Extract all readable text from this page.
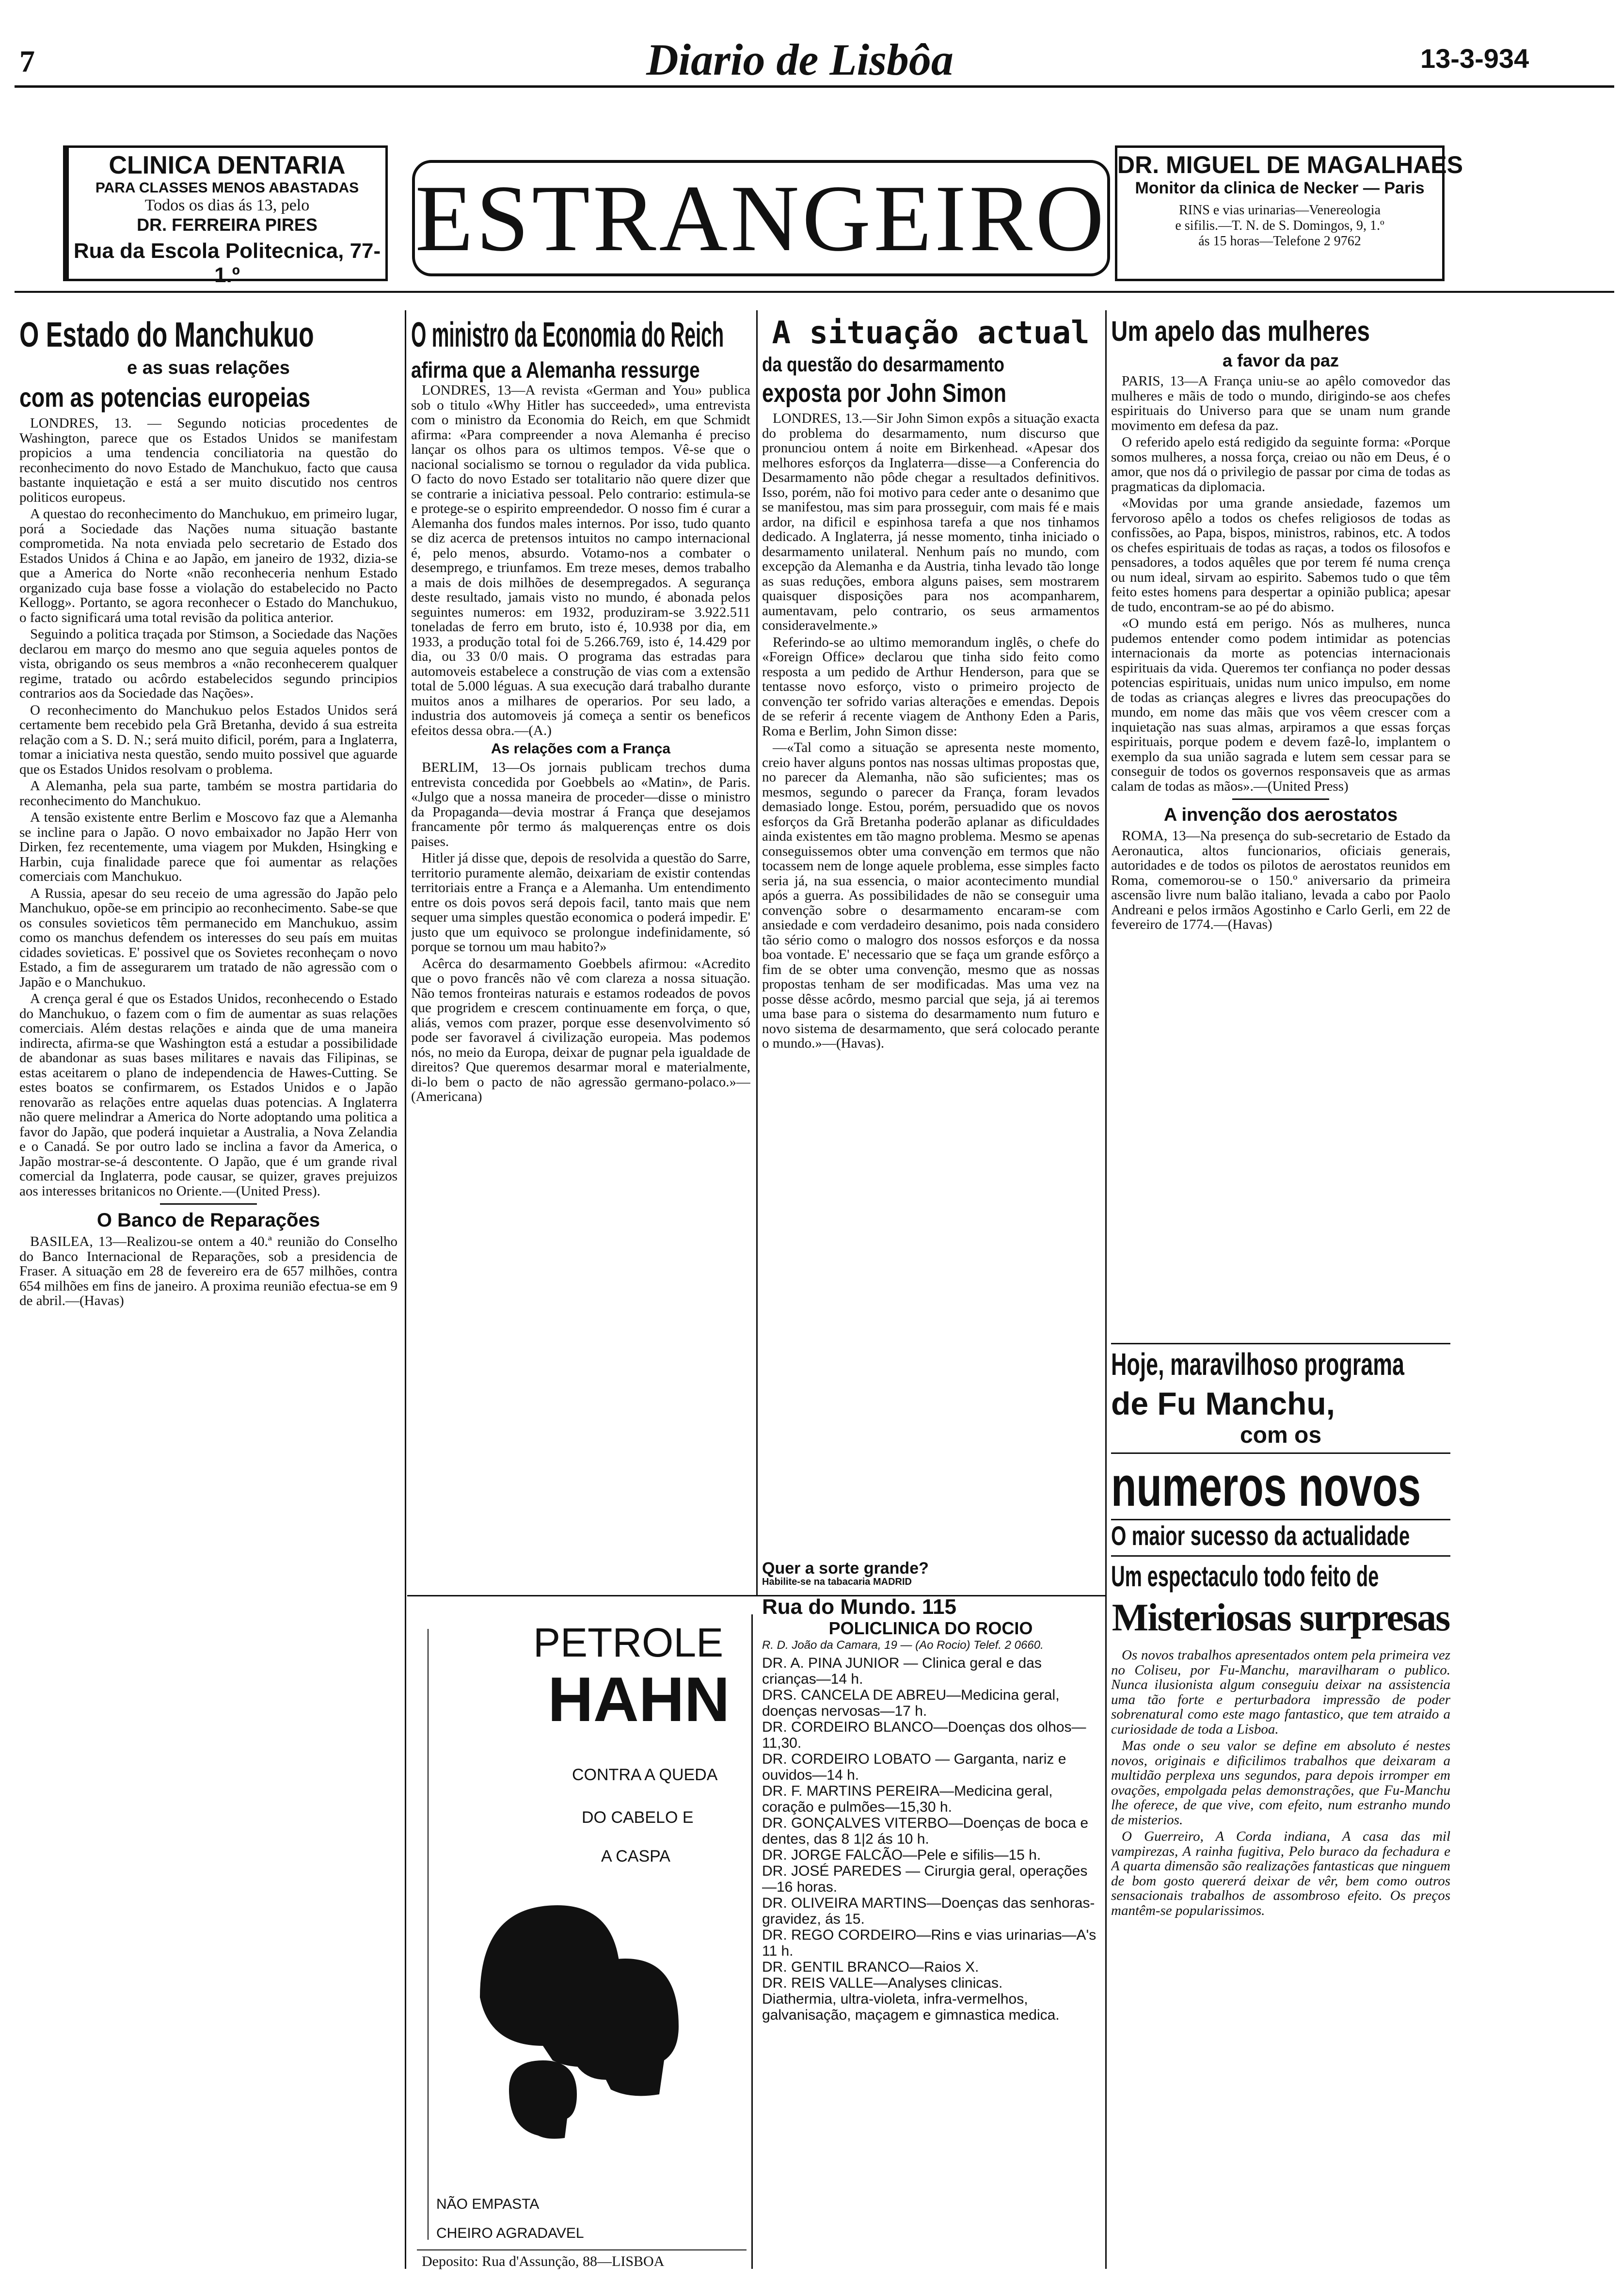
7	Diario de Lisbôa	13-3-934
CLINICA DENTARIA
PARA CLASSES MENOS ABASTADAS
Todos os dias ás 13, pelo
DR. FERREIRA PIRES
Rua da Escola Politecnica, 77-1.º
ESTRANGEIRO
DR. MIGUEL DE MAGALHAES
Monitor da clinica de Necker — Paris
RINS e vias urinarias—Venereologia
e sifilis.—T. N. de S. Domingos, 9, 1.º
ás 15 horas—Telefone 2 9762
O Estado do Manchukuo
e as suas relações
com as potencias europeias

LONDRES, 13. — Segundo noticias procedentes de Washington, parece que os Estados Unidos se manifestam propicios a uma tendencia conciliatoria na questão do reconhecimento do novo Estado de Manchukuo, facto que causa bastante inquietação e está a ser muito discutido nos centros politicos europeus.

A questao do reconhecimento do Manchukuo, em primeiro lugar, porá a Sociedade das Nações numa situação bastante comprometida. Na nota enviada pelo secretario de Estado dos Estados Unidos á China e ao Japão, em janeiro de 1932, dizia-se que a America do Norte «não reconheceria nenhum Estado organizado cuja base fosse a violação do estabelecido no Pacto Kellogg». Portanto, se agora reconhecer o Estado do Manchukuo, o facto significará uma total revisão da politica anterior.

Seguindo a politica traçada por Stimson, a Sociedade das Nações declarou em março do mesmo ano que seguia aqueles pontos de vista, obrigando os seus membros a «não reconhecerem qualquer regime, tratado ou acôrdo estabelecidos segundo principios contrarios aos da Sociedade das Nações».

O reconhecimento do Manchukuo pelos Estados Unidos será certamente bem recebido pela Grã Bretanha, devido á sua estreita relação com a S. D. N.; será muito dificil, porém, para a Inglaterra, tomar a iniciativa nesta questão, sendo muito possivel que aguarde que os Estados Unidos resolvam o problema.

A Alemanha, pela sua parte, também se mostra partidaria do reconhecimento do Manchukuo.

A tensão existente entre Berlim e Moscovo faz que a Alemanha se incline para o Japão. O novo embaixador no Japão Herr von Dirken, fez recentemente, uma viagem por Mukden, Hsingking e Harbin, cuja finalidade parece que foi aumentar as relações comerciais com Manchukuo.

A Russia, apesar do seu receio de uma agressão do Japão pelo Manchukuo, opõe-se em principio ao reconhecimento. Sabe-se que os consules sovieticos têm permanecido em Manchukuo, assim como os manchus defendem os interesses do seu país em muitas cidades sovieticas. E' possivel que os Sovietes reconheçam o novo Estado, a fim de assegurarem um tratado de não agressão com o Japão e o Manchukuo.

A crença geral é que os Estados Unidos, reconhecendo o Estado do Manchukuo, o fazem com o fim de aumentar as suas relações comerciais. Além destas relações e ainda que de uma maneira indirecta, afirma-se que Washington está a estudar a possibilidade de abandonar as suas bases militares e navais das Filipinas, se estas aceitarem o plano de independencia de Hawes-Cutting. Se estes boatos se confirmarem, os Estados Unidos e o Japão renovarão as relações entre aquelas duas potencias. A Inglaterra não quere melindrar a America do Norte adoptando uma politica a favor do Japão, que poderá inquietar a Australia, a Nova Zelandia e o Canadá. Se por outro lado se inclina a favor da America, o Japão mostrar-se-á descontente. O Japão, que é um grande rival comercial da Inglaterra, pode causar, se quizer, graves prejuizos aos interesses britanicos no Oriente.—(United Press).

O Banco de Reparações

BASILEA, 13—Realizou-se ontem a 40.ª reunião do Conselho do Banco Internacional de Reparações, sob a presidencia de Fraser. A situação em 28 de fevereiro era de 657 milhões, contra 654 milhões em fins de janeiro. A proxima reunião efectua-se em 9 de abril.—(Havas)

O ministro da Economia do Reich
afirma que a Alemanha ressurge

LONDRES, 13—A revista «German and You» publica sob o titulo «Why Hitler has succeeded», uma entrevista com o ministro da Economia do Reich, em que Schmidt afirma: «Para compreender a nova Alemanha é preciso lançar os olhos para os ultimos tempos. Vê-se que o nacional socialismo se tornou o regulador da vida publica. O facto do novo Estado ser totalitario não quere dizer que se contrarie a iniciativa pessoal. Pelo contrario: estimula-se e protege-se o espirito empreendedor. O nosso fim é curar a Alemanha dos fundos males internos. Por isso, tudo quanto se diz acerca de pretensos intuitos no campo internacional é, pelo menos, absurdo. Votamo-nos a combater o desemprego, e triunfamos. Em treze meses, demos trabalho a mais de dois milhões de desempregados. A segurança deste resultado, jamais visto no mundo, é abonada pelos seguintes numeros: em 1932, produziram-se 3.922.511 toneladas de ferro em bruto, isto é, 10.938 por dia, em 1933, a produção total foi de 5.266.769, isto é, 14.429 por dia, ou 33 0/0 mais. O programa das estradas para automoveis estabelece a construção de vias com a extensão total de 5.000 léguas. A sua execução dará trabalho durante muitos anos a milhares de operarios. Por seu lado, a industria dos automoveis já começa a sentir os beneficos efeitos dessa obra.—(A.)

As relações com a França

BERLIM, 13—Os jornais publicam trechos duma entrevista concedida por Goebbels ao «Matin», de Paris. «Julgo que a nossa maneira de proceder—disse o ministro da Propaganda—devia mostrar á França que desejamos francamente pôr termo ás malquerenças entre os dois paises.

Hitler já disse que, depois de resolvida a questão do Sarre, territorio puramente alemão, deixariam de existir contendas territoriais entre a França e a Alemanha. Um entendimento entre os dois povos será depois facil, tanto mais que nem sequer uma simples questão economica o poderá impedir. E' justo que um equivoco se prolongue indefinidamente, só porque se tornou um mau habito?»

Acêrca do desarmamento Goebbels afirmou: «Acredito que o povo francês não vê com clareza a nossa situação. Não temos fronteiras naturais e estamos rodeados de povos que progridem e crescem continuamente em força, o que, aliás, vemos com prazer, porque esse desenvolvimento só pode ser favoravel á civilização europeia. Mas podemos nós, no meio da Europa, deixar de pugnar pela igualdade de direitos? Que queremos desarmar moral e materialmente, di-lo bem o pacto de não agressão germano-polaco.»—(Americana)

A situação actual
da questão do desarmamento
exposta por John Simon

LONDRES, 13.—Sir John Simon expôs a situação exacta do problema do desarmamento, num discurso que pronunciou ontem á noite em Birkenhead. «Apesar dos melhores esforços da Inglaterra—disse—a Conferencia do Desarmamento não pôde chegar a resultados definitivos. Isso, porém, não foi motivo para ceder ante o desanimo que se manifestou, mas sim para prosseguir, com mais fé e mais ardor, na dificil e espinhosa tarefa a que nos tinhamos dedicado. A Inglaterra, já nesse momento, tinha iniciado o desarmamento unilateral. Nenhum país no mundo, com excepção da Alemanha e da Austria, tinha levado tão longe as suas reduções, embora alguns paises, sem mostrarem quaisquer disposições para nos acompanharem, aumentavam, pelo contrario, os seus armamentos consideravelmente.»

Referindo-se ao ultimo memorandum inglês, o chefe do «Foreign Office» declarou que tinha sido feito como resposta a um pedido de Arthur Henderson, para que se tentasse novo esforço, visto o primeiro projecto de convenção ter sofrido varias alterações e emendas. Depois de se referir á recente viagem de Anthony Eden a Paris, Roma e Berlim, John Simon disse:

—«Tal como a situação se apresenta neste momento, creio haver alguns pontos nas nossas ultimas propostas que, no parecer da Alemanha, não são suficientes; mas os mesmos, segundo o parecer da França, foram levados demasiado longe. Estou, porém, persuadido que os novos esforços da Grã Bretanha poderão aplanar as dificuldades ainda existentes em tão magno problema. Mesmo se apenas conseguissemos obter uma convenção em termos que não tocassem nem de longe aquele problema, esse simples facto seria já, na sua essencia, o maior acontecimento mundial após a guerra. As possibilidades de não se conseguir uma convenção sobre o desarmamento encaram-se com ansiedade e com verdadeiro desanimo, pois nada considero tão sério como o malogro dos nossos esforços e da nossa boa vontade. E' necessario que se faça um grande esfôrço a fim de se obter uma convenção, mesmo que as nossas propostas tenham de ser modificadas. Mas uma vez na posse dêsse acôrdo, mesmo parcial que seja, já ai teremos uma base para o sistema do desarmamento num futuro e novo sistema de desarmamento, que será colocado perante o mundo.»—(Havas).

Quer a sorte grande?
Habilite-se na tabacaria MADRID
Rua do Mundo. 115
PETROLE
HAHN
CONTRA A QUEDA
DO CABELO E
A CASPA
NÃO EMPASTA
CHEIRO AGRADAVEL
Deposito: Rua d'Assunção, 88—LISBOA
POLICLINICA DO ROCIO

R. D. João da Camara, 19 — (Ao Rocio) Telef. 2 0660.

DR. A. PINA JUNIOR — Clinica geral e das crianças—14 h.

DRS. CANCELA DE ABREU—Medicina geral, doenças nervosas—17 h.

DR. CORDEIRO BLANCO—Doenças dos olhos—11,30.

DR. CORDEIRO LOBATO — Garganta, nariz e ouvidos—14 h.

DR. F. MARTINS PEREIRA—Medicina geral, coração e pulmões—15,30 h.

DR. GONÇALVES VITERBO—Doenças de boca e dentes, das 8 1|2 ás 10 h.

DR. JORGE FALCÃO—Pele e sifilis—15 h.

DR. JOSÉ PAREDES — Cirurgia geral, operações—16 horas.

DR. OLIVEIRA MARTINS—Doenças das senhoras-gravidez, ás 15.

DR. REGO CORDEIRO—Rins e vias urinarias—A's 11 h.

DR. GENTIL BRANCO—Raios X.

DR. REIS VALLE—Analyses clinicas.

Diathermia, ultra-violeta, infra-vermelhos, galvanisação, maçagem e gimnastica medica.

Um apelo das mulheres
a favor da paz

PARIS, 13—A França uniu-se ao apêlo comovedor das mulheres e mãis de todo o mundo, dirigindo-se aos chefes espirituais do Universo para que se unam num grande movimento em defesa da paz.

O referido apelo está redigido da seguinte forma: «Porque somos mulheres, a nossa força, creiao ou não em Deus, é o amor, que nos dá o privilegio de passar por cima de todas as pragmaticas da diplomacia.

«Movidas por uma grande ansiedade, fazemos um fervoroso apêlo a todos os chefes religiosos de todas as confissões, ao Papa, bispos, ministros, rabinos, etc. A todos os chefes espirituais de todas as raças, a todos os filosofos e pensadores, a todos aquêles que por terem fé numa crença ou num ideal, sirvam ao espirito. Sabemos tudo o que têm feito estes homens para despertar a opinião publica; apesar de tudo, encontram-se ao pé do abismo.

«O mundo está em perigo. Nós as mulheres, nunca pudemos entender como podem intimidar as potencias internacionais da morte as potencias internacionais espirituais da vida. Queremos ter confiança no poder dessas potencias espirituais, unidas num unico impulso, em nome de todas as crianças alegres e livres das preocupações do mundo, em nome das mãis que vos vêem crescer com a inquietação nas suas almas, arpiramos a que essas forças espirituais, porque podem e devem fazê-lo, implantem o exemplo da sua união sagrada e lutem sem cessar para se conseguir de todos os governos responsaveis que as armas calam de todas as mãos».—(United Press)

A invenção dos aerostatos

ROMA, 13—Na presença do sub-secretario de Estado da Aeronautica, altos funcionarios, oficiais generais, autoridades e de todos os pilotos de aerostatos reunidos em Roma, comemorou-se o 150.º aniversario da primeira ascensão livre num balão italiano, levada a cabo por Paolo Andreani e pelos irmãos Agostinho e Carlo Gerli, em 22 de fevereiro de 1774.—(Havas)

Hoje, maravilhoso programa
de Fu Manchu,
com os
numeros novos
O maior sucesso da actualidade
Um espectaculo todo feito de
Misteriosas surpresas

Os novos trabalhos apresentados ontem pela primeira vez no Coliseu, por Fu-Manchu, maravilharam o publico. Nunca ilusionista algum conseguiu deixar na assistencia uma tão forte e perturbadora impressão de poder sobrenatural como este mago fantastico, que tem atraido a curiosidade de toda a Lisboa.

Mas onde o seu valor se define em absoluto é nestes novos, originais e dificilimos trabalhos que deixaram a multidão perplexa uns segundos, para depois irromper em ovações, empolgada pelas demonstrações, que Fu-Manchu lhe oferece, de que vive, com efeito, num estranho mundo de misterios.

O Guerreiro, A Corda indiana, A casa das mil vampirezas, A rainha fugitiva, Pelo buraco da fechadura e A quarta dimensão são realizações fantasticas que ninguem de bom gosto quererá deixar de vêr, bem como outros sensacionais trabalhos de assombroso efeito. Os preços mantêm-se popularissimos.
